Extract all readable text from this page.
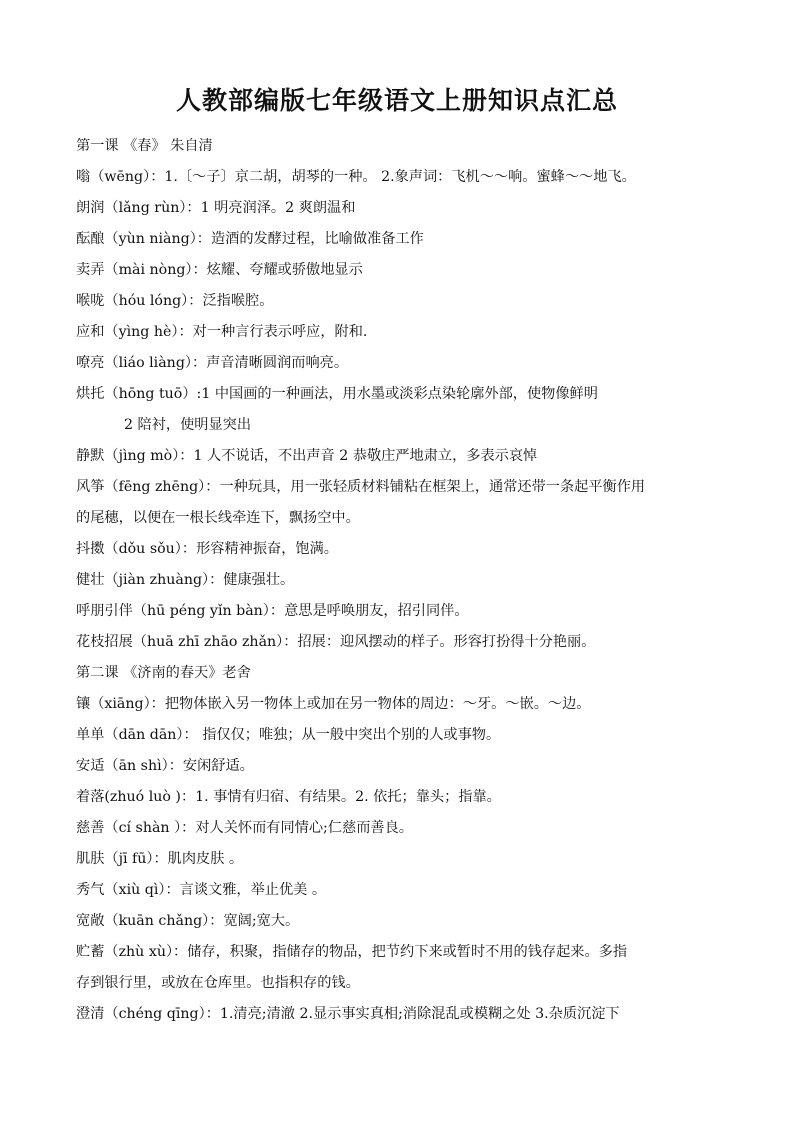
人教部编版七年级语文上册知识点汇总
第一课 《春》 朱自清
嗡（wēng）：1.〔～子〕京二胡，胡琴的一种。 2.象声词：飞机～～响。蜜蜂～～地飞。
朗润（lǎng rùn）：1 明亮润泽。2 爽朗温和
酝酿（yùn niàng）：造酒的发酵过程，比喻做准备工作
卖弄（mài nòng）：炫耀、夸耀或骄傲地显示
喉咙（hóu lóng）：泛指喉腔。
应和（yìng hè）：对一种言行表示呼应，附和.
嘹亮（liáo liàng）：声音清晰圆润而响亮。
烘托（hōng tuō）:1 中国画的一种画法，用水墨或淡彩点染轮廓外部，使物像鲜明
2 陪衬，使明显突出
静默（jìng mò）：1 人不说话，不出声音 2 恭敬庄严地肃立，多表示哀悼
风筝（fēng zhēng）：一种玩具，用一张轻质材料铺粘在框架上，通常还带一条起平衡作用
的尾穗，以便在一根长线牵连下，飘扬空中。
抖擞（dǒu sǒu）：形容精神振奋，饱满。
健壮（jiàn zhuàng）：健康强壮。
呼朋引伴（hū péng yǐn bàn）：意思是呼唤朋友，招引同伴。
花枝招展（huā zhī zhāo zhǎn）：招展：迎风摆动的样子。形容打扮得十分艳丽。
第二课 《济南的春天》老舍
镶（xiāng）：把物体嵌入另一物体上或加在另一物体的周边：～牙。～嵌。～边。
单单（dān dān）： 指仅仅；唯独；从一般中突出个别的人或事物。
安适（ān shì）：安闲舒适。
着落(zhuó luò )：1. 事情有归宿、有结果。2. 依托；靠头；指靠。
慈善（cí shàn ）：对人关怀而有同情心;仁慈而善良。
肌肤（jī fū）：肌肉皮肤 。
秀气（xiù qì）：言谈文雅，举止优美 。
宽敞（kuān chǎng）：宽阔;宽大。
贮蓄（zhù xù）：储存，积聚，指储存的物品，把节约下来或暂时不用的钱存起来。多指
存到银行里，或放在仓库里。也指积存的钱。
澄清（chéng qīng）：1.清亮;清澈 2.显示事实真相;消除混乱或模糊之处 3.杂质沉淀下
